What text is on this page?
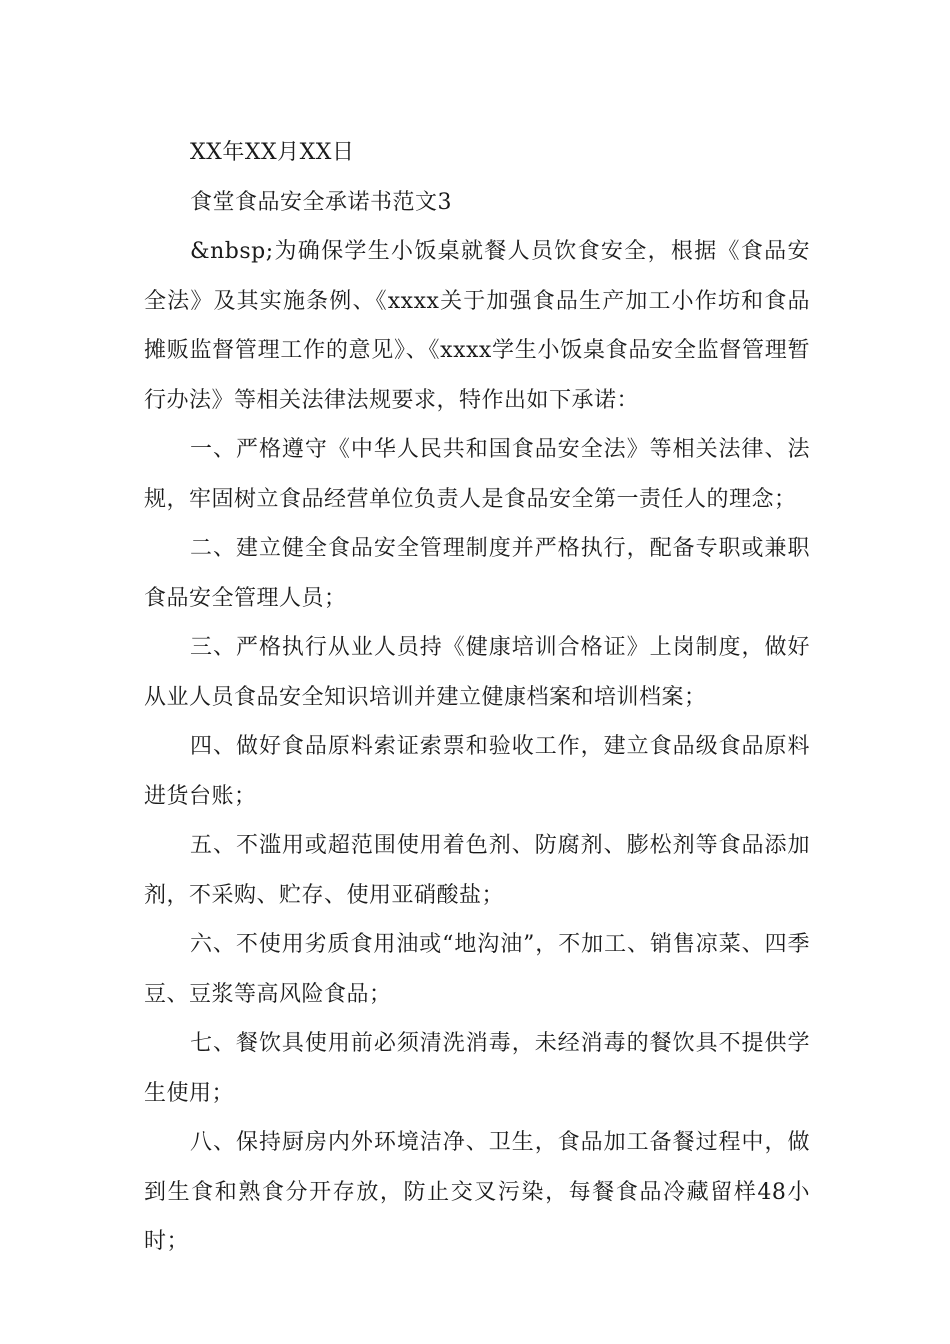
XX年XX月XX日

食堂食品安全承诺书范文3

&nbsp;为确保学生小饭桌就餐人员饮食安全，根据《食品安全法》及其实施条例、《xxxx关于加强食品生产加工小作坊和食品摊贩监督管理工作的意见》、《xxxx学生小饭桌食品安全监督管理暂行办法》等相关法律法规要求，特作出如下承诺：

一、严格遵守《中华人民共和国食品安全法》等相关法律、法规，牢固树立食品经营单位负责人是食品安全第一责任人的理念；

二、建立健全食品安全管理制度并严格执行，配备专职或兼职食品安全管理人员；

三、严格执行从业人员持《健康培训合格证》上岗制度，做好从业人员食品安全知识培训并建立健康档案和培训档案；

四、做好食品原料索证索票和验收工作，建立食品级食品原料进货台账；

五、不滥用或超范围使用着色剂、防腐剂、膨松剂等食品添加剂，不采购、贮存、使用亚硝酸盐；

六、不使用劣质食用油或“地沟油”，不加工、销售凉菜、四季豆、豆浆等高风险食品；

七、餐饮具使用前必须清洗消毒，未经消毒的餐饮具不提供学生使用；

八、保持厨房内外环境洁净、卫生，食品加工备餐过程中，做到生食和熟食分开存放，防止交叉污染，每餐食品冷藏留样48小时；
